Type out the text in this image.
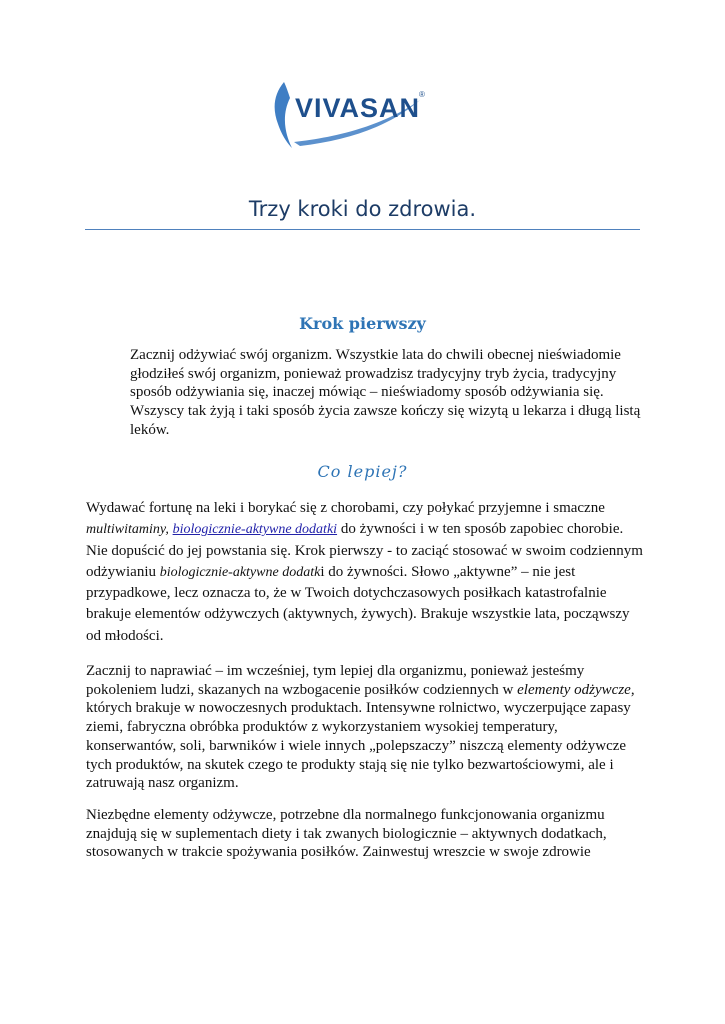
VIVASAN
®
Trzy kroki do zdrowia.
Krok pierwszy
Zacznij odżywiać swój organizm. Wszystkie lata do chwili obecnej nieświadomie głodziłeś swój organizm, ponieważ prowadzisz tradycyjny tryb życia, tradycyjny sposób odżywiania się, inaczej mówiąc – nieświadomy sposób odżywiania się. Wszyscy tak żyją i taki sposób życia zawsze kończy się wizytą u lekarza i długą listą leków.
Co lepiej?
Wydawać fortunę na leki i borykać się z chorobami, czy połykać przyjemne i smaczne multiwitaminy, biologicznie-aktywne dodatki do żywności i w ten sposób zapobiec chorobie. Nie dopuścić do jej powstania się. Krok pierwszy - to zaciąć stosować w swoim codziennym odżywianiu biologicznie-aktywne dodatki do żywności. Słowo „aktywne” – nie jest przypadkowe, lecz oznacza to, że w Twoich dotychczasowych posiłkach katastrofalnie brakuje elementów odżywczych (aktywnych, żywych). Brakuje wszystkie lata, począwszy od młodości.
Zacznij to naprawiać – im wcześniej, tym lepiej dla organizmu, ponieważ jesteśmy pokoleniem ludzi, skazanych na wzbogacenie posiłków codziennych w elementy odżywcze, których brakuje w nowoczesnych produktach. Intensywne rolnictwo, wyczerpujące zapasy ziemi, fabryczna obróbka produktów z wykorzystaniem wysokiej temperatury, konserwantów, soli, barwników i wiele innych „polepszaczy” niszczą elementy odżywcze tych produktów, na skutek czego te produkty stają się nie tylko bezwartościowymi, ale i zatruwają nasz organizm.
Niezbędne elementy odżywcze, potrzebne dla normalnego funkcjonowania organizmu znajdują się w suplementach diety i tak zwanych biologicznie – aktywnych dodatkach, stosowanych w trakcie spożywania posiłków. Zainwestuj wreszcie w swoje zdrowie
